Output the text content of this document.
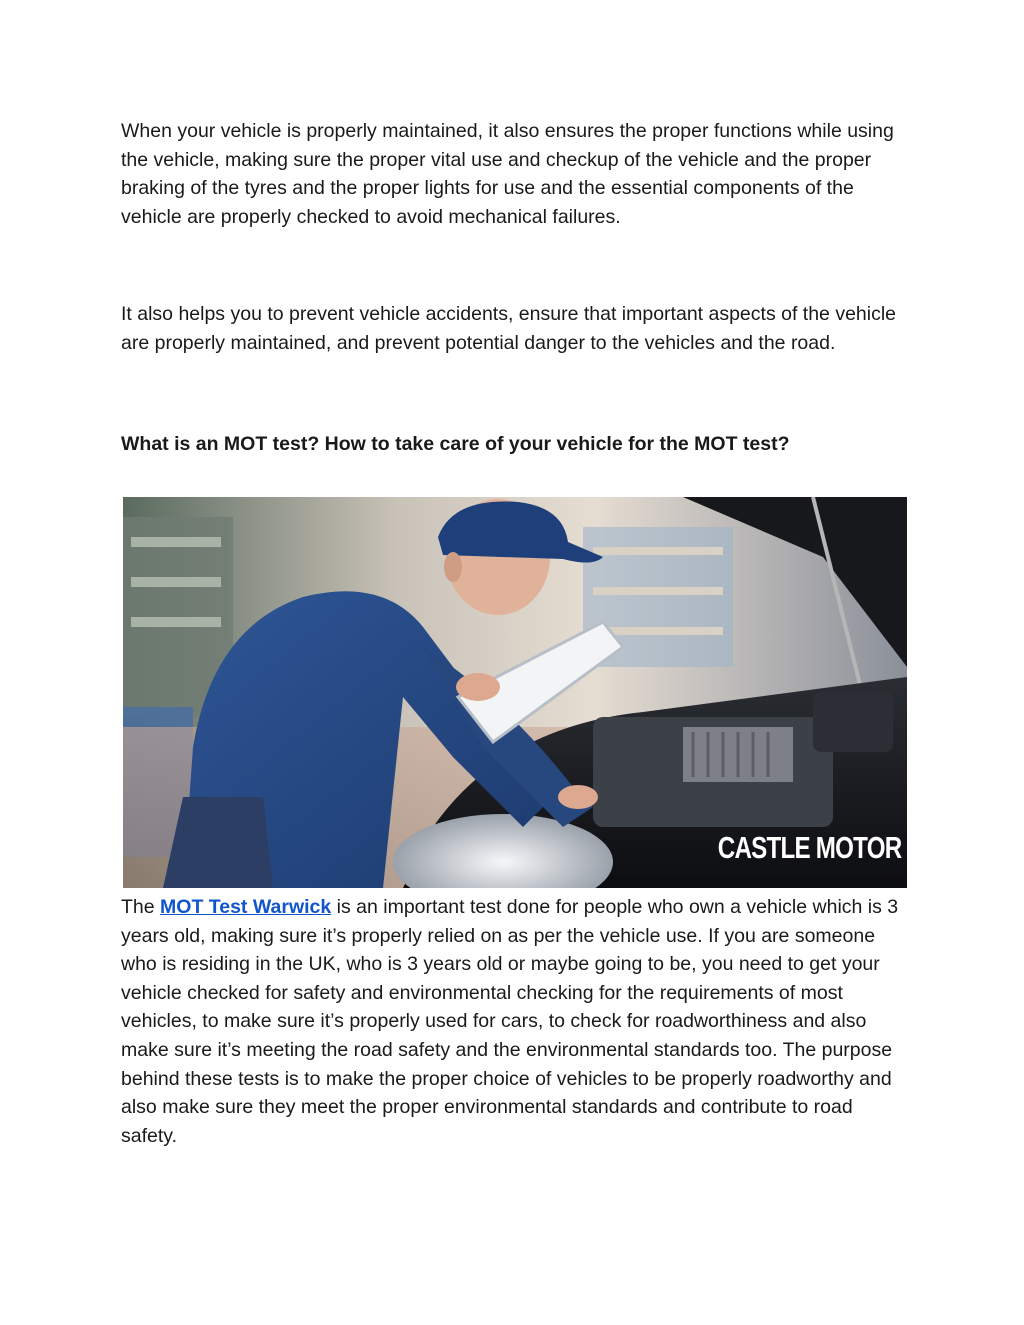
When your vehicle is properly maintained, it also ensures the proper functions while using the vehicle, making sure the proper vital use and checkup of the vehicle and the proper braking of the tyres and the proper lights for use and the essential components of the vehicle are properly checked to avoid mechanical failures.

It also helps you to prevent vehicle accidents, ensure that important aspects of the vehicle are properly maintained, and prevent potential danger to the vehicles and the road.

What is an MOT test? How to take care of your vehicle for the MOT test?
CASTLE MOTOR

The MOT Test Warwick is an important test done for people who own a vehicle which is 3 years old, making sure it’s properly relied on as per the vehicle use. If you are someone who is residing in the UK, who is 3 years old or maybe going to be, you need to get your vehicle checked for safety and environmental checking for the requirements of most vehicles, to make sure it’s properly used for cars, to check for roadworthiness and also make sure it’s meeting the road safety and the environmental standards too. The purpose behind these tests is to make the proper choice of vehicles to be properly roadworthy and also make sure they meet the proper environmental standards and contribute to road safety.
